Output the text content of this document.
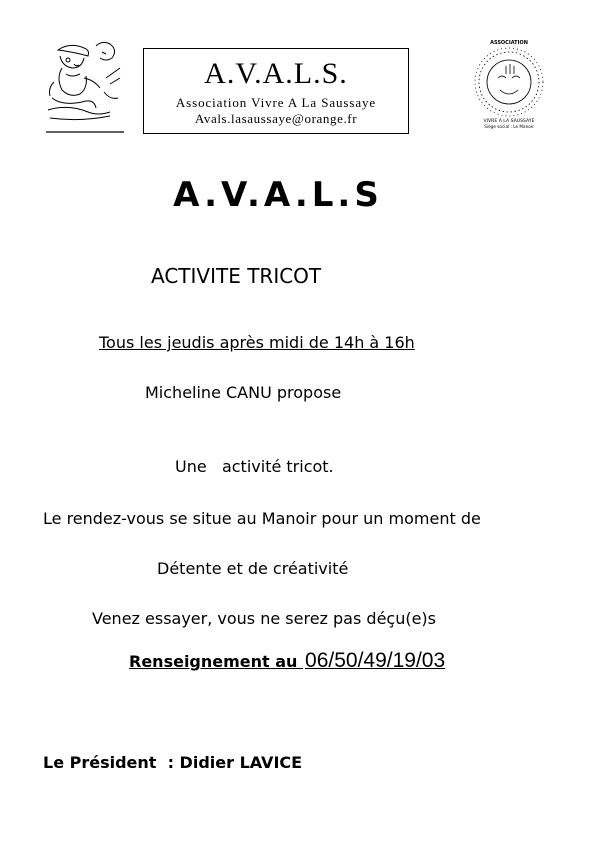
A.V.A.L.S.
Association Vivre A La Saussaye
Avals.lasaussaye@orange.fr
ASSOCIATION
VIVRE A LA SAUSSAYE
Siège social : Le Manoir
A.V.A.L.S
ACTIVITE TRICOT
Tous les jeudis après midi de 14h à 16h
Micheline CANU propose
Une   activité tricot.
Le rendez-vous se situe au Manoir pour un moment de
Détente et de créativité
Venez essayer, vous ne serez pas déçu(e)s
Renseignement au 06/50/49/19/03
Le Président  : Didier LAVICE
